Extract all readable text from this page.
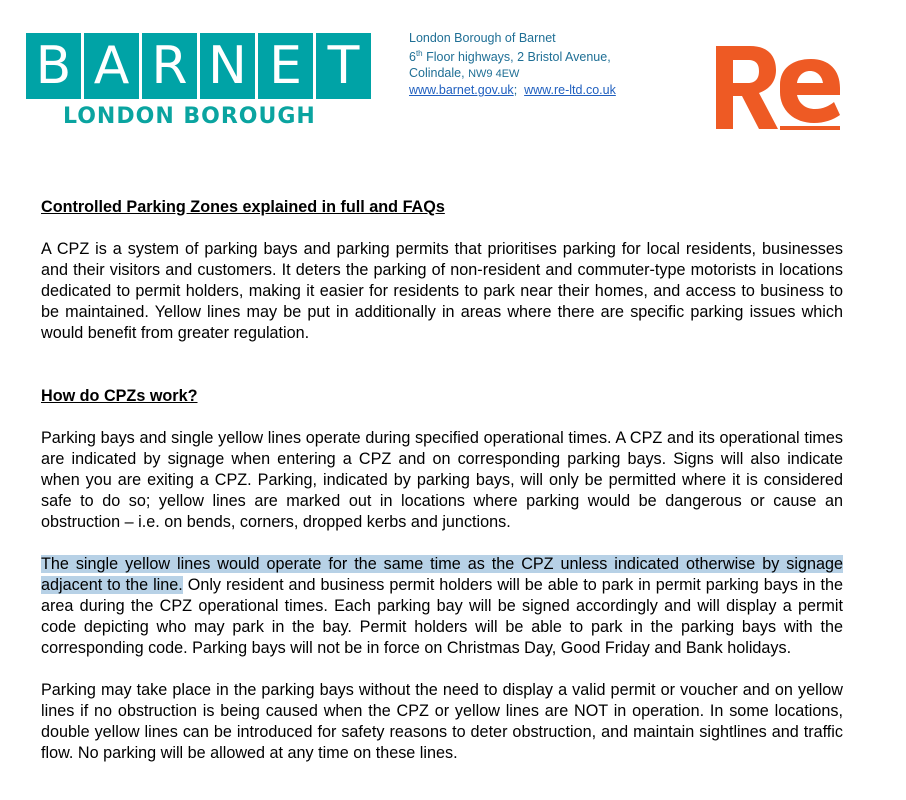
B A R N E T
LONDON BOROUGH
London Borough of Barnet
6th Floor highways, 2 Bristol Avenue,
Colindale, NW9 4EW
www.barnet.gov.uk; www.re-ltd.co.uk
Controlled Parking Zones explained in full and FAQs

A CPZ is a system of parking bays and parking permits that prioritises parking for local residents, businesses and their visitors and customers. It deters the parking of non-resident and commuter-type motorists in locations dedicated to permit holders, making it easier for residents to park near their homes, and access to business to be maintained. Yellow lines may be put in additionally in areas where there are specific parking issues which would benefit from greater regulation.

How do CPZs work?

Parking bays and single yellow lines operate during specified operational times. A CPZ and its operational times are indicated by signage when entering a CPZ and on corresponding parking bays. Signs will also indicate when you are exiting a CPZ. Parking, indicated by parking bays, will only be permitted where it is considered safe to do so; yellow lines are marked out in locations where parking would be dangerous or cause an obstruction – i.e. on bends, corners, dropped kerbs and junctions.

The single yellow lines would operate for the same time as the CPZ unless indicated otherwise by signage adjacent to the line. Only resident and business permit holders will be able to park in permit parking bays in the area during the CPZ operational times. Each parking bay will be signed accordingly and will display a permit code depicting who may park in the bay. Permit holders will be able to park in the parking bays with the corresponding code. Parking bays will not be in force on Christmas Day, Good Friday and Bank holidays.

Parking may take place in the parking bays without the need to display a valid permit or voucher and on yellow lines if no obstruction is being caused when the CPZ or yellow lines are NOT in operation. In some locations, double yellow lines can be introduced for safety reasons to deter obstruction, and maintain sightlines and traffic flow. No parking will be allowed at any time on these lines.
